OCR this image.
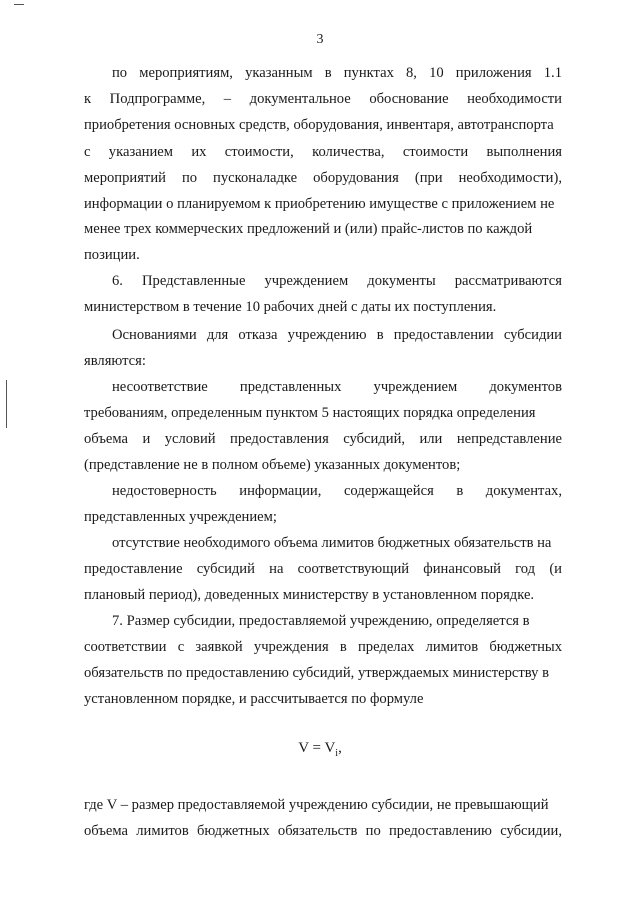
3
по мероприятиям, указанным в пунктах 8, 10 приложения 1.1
к Подпрограмме, – документальное обоснование необходимости
приобретения основных средств, оборудования, инвентаря, автотранспорта
с указанием их стоимости, количества, стоимости выполнения
мероприятий по пусконаладке оборудования (при необходимости),
информации о планируемом к приобретению имуществе с приложением не
менее трех коммерческих предложений и (или) прайс-листов по каждой
позиции.
6. Представленные учреждением документы рассматриваются
министерством в течение 10 рабочих дней с даты их поступления.
Основаниями для отказа учреждению в предоставлении субсидии
являются:
несоответствие представленных учреждением документов
требованиям, определенным пунктом 5 настоящих порядка определения
объема и условий предоставления субсидий, или непредставление
(представление не в полном объеме) указанных документов;
недостоверность информации, содержащейся в документах,
представленных учреждением;
отсутствие необходимого объема лимитов бюджетных обязательств на
предоставление субсидий на соответствующий финансовый год (и
плановый период), доведенных министерству в установленном порядке.
7. Размер субсидии, предоставляемой учреждению, определяется в
соответствии с заявкой учреждения в пределах лимитов бюджетных
обязательств по предоставлению субсидий, утверждаемых министерству в
установленном порядке, и рассчитывается по формуле
$V = V_i$,
где V – размер предоставляемой учреждению субсидии, не превышающий
объема лимитов бюджетных обязательств по предоставлению субсидии,
